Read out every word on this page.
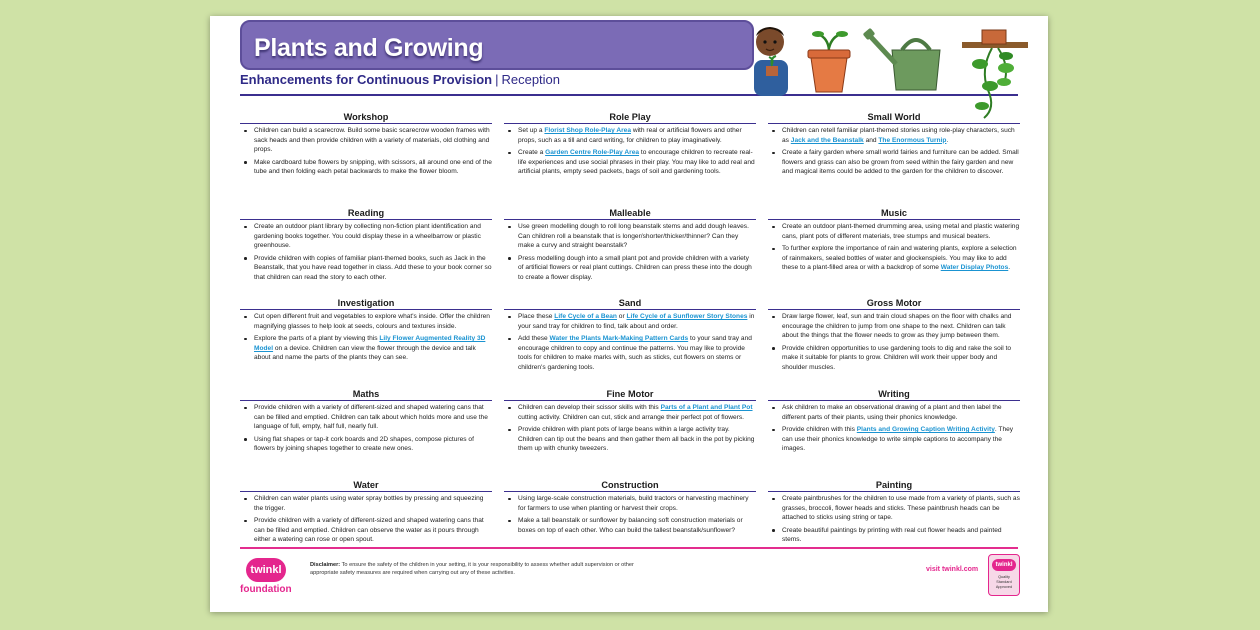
Plants and Growing
Enhancements for Continuous Provision | Reception
Workshop
Children can build a scarecrow. Build some basic scarecrow wooden frames with sack heads and then provide children with a variety of materials, old clothing and props.
Make cardboard tube flowers by snipping, with scissors, all around one end of the tube and then folding each petal backwards to make the flower bloom.
Reading
Create an outdoor plant library by collecting non-fiction plant identification and gardening books together. You could display these in a wheelbarrow or plastic greenhouse.
Provide children with copies of familiar plant-themed books, such as Jack in the Beanstalk, that you have read together in class. Add these to your book corner so that children can read the story to each other.
Investigation
Cut open different fruit and vegetables to explore what's inside. Offer the children magnifying glasses to help look at seeds, colours and textures inside.
Explore the parts of a plant by viewing this Lily Flower Augmented Reality 3D Model on a device. Children can view the flower through the device and talk about and name the parts of the plants they can see.
Maths
Provide children with a variety of different-sized and shaped watering cans that can be filled and emptied. Children can talk about which holds more and use the language of full, empty, half full, nearly full.
Using flat shapes or tap-it cork boards and 2D shapes, compose pictures of flowers by joining shapes together to create new ones.
Water
Children can water plants using water spray bottles by pressing and squeezing the trigger.
Provide children with a variety of different-sized and shaped watering cans that can be filled and emptied. Children can observe the water as it pours through either a watering can rose or open spout.
Role Play
Set up a Florist Shop Role-Play Area with real or artificial flowers and other props, such as a till and card writing, for children to play imaginatively.
Create a Garden Centre Role-Play Area to encourage children to recreate real-life experiences and use social phrases in their play. You may like to add real and artificial plants, empty seed packets, bags of soil and gardening tools.
Malleable
Use green modelling dough to roll long beanstalk stems and add dough leaves. Can children roll a beanstalk that is longer/shorter/thicker/thinner? Can they make a curvy and straight beanstalk?
Press modelling dough into a small plant pot and provide children with a variety of artificial flowers or real plant cuttings. Children can press these into the dough to create a flower display.
Sand
Place these Life Cycle of a Bean or Life Cycle of a Sunflower Story Stones in your sand tray for children to find, talk about and order.
Add these Water the Plants Mark-Making Pattern Cards to your sand tray and encourage children to copy and continue the patterns. You may like to provide tools for children to make marks with, such as sticks, cut flowers on stems or children's gardening tools.
Fine Motor
Children can develop their scissor skills with this Parts of a Plant and Plant Pot cutting activity. Children can cut, stick and arrange their perfect pot of flowers.
Provide children with plant pots of large beans within a large activity tray. Children can tip out the beans and then gather them all back in the pot by picking them up with chunky tweezers.
Construction
Using large-scale construction materials, build tractors or harvesting machinery for farmers to use when planting or harvest their crops.
Make a tall beanstalk or sunflower by balancing soft construction materials or boxes on top of each other. Who can build the tallest beanstalk/sunflower?
Small World
Children can retell familiar plant-themed stories using role-play characters, such as Jack and the Beanstalk and The Enormous Turnip.
Create a fairy garden where small world fairies and furniture can be added. Small flowers and grass can also be grown from seed within the fairy garden and new and magical items could be added to the garden for the children to discover.
Music
Create an outdoor plant-themed drumming area, using metal and plastic watering cans, plant pots of different materials, tree stumps and musical beaters.
To further explore the importance of rain and watering plants, explore a selection of rainmakers, sealed bottles of water and glockenspiels. You may like to add these to a plant-filled area or with a backdrop of some Water Display Photos.
Gross Motor
Draw large flower, leaf, sun and train cloud shapes on the floor with chalks and encourage the children to jump from one shape to the next. Children can talk about the things that the flower needs to grow as they jump between them.
Provide children opportunities to use gardening tools to dig and rake the soil to make it suitable for plants to grow. Children will work their upper body and shoulder muscles.
Writing
Ask children to make an observational drawing of a plant and then label the different parts of their plants, using their phonics knowledge.
Provide children with this Plants and Growing Caption Writing Activity. They can use their phonics knowledge to write simple captions to accompany the images.
Painting
Create paintbrushes for the children to use made from a variety of plants, such as grasses, broccoli, flower heads and sticks. These paintbrush heads can be attached to sticks using string or tape.
Create beautiful paintings by printing with real cut flower heads and painted stems.
twinkl
foundation
Disclaimer: To ensure the safety of the children in your setting, it is your responsibility to assess whether adult supervision or other appropriate safety measures are required when carrying out any of these activities.	visit twinkl.com
twinkl
Quality Standard Approved
